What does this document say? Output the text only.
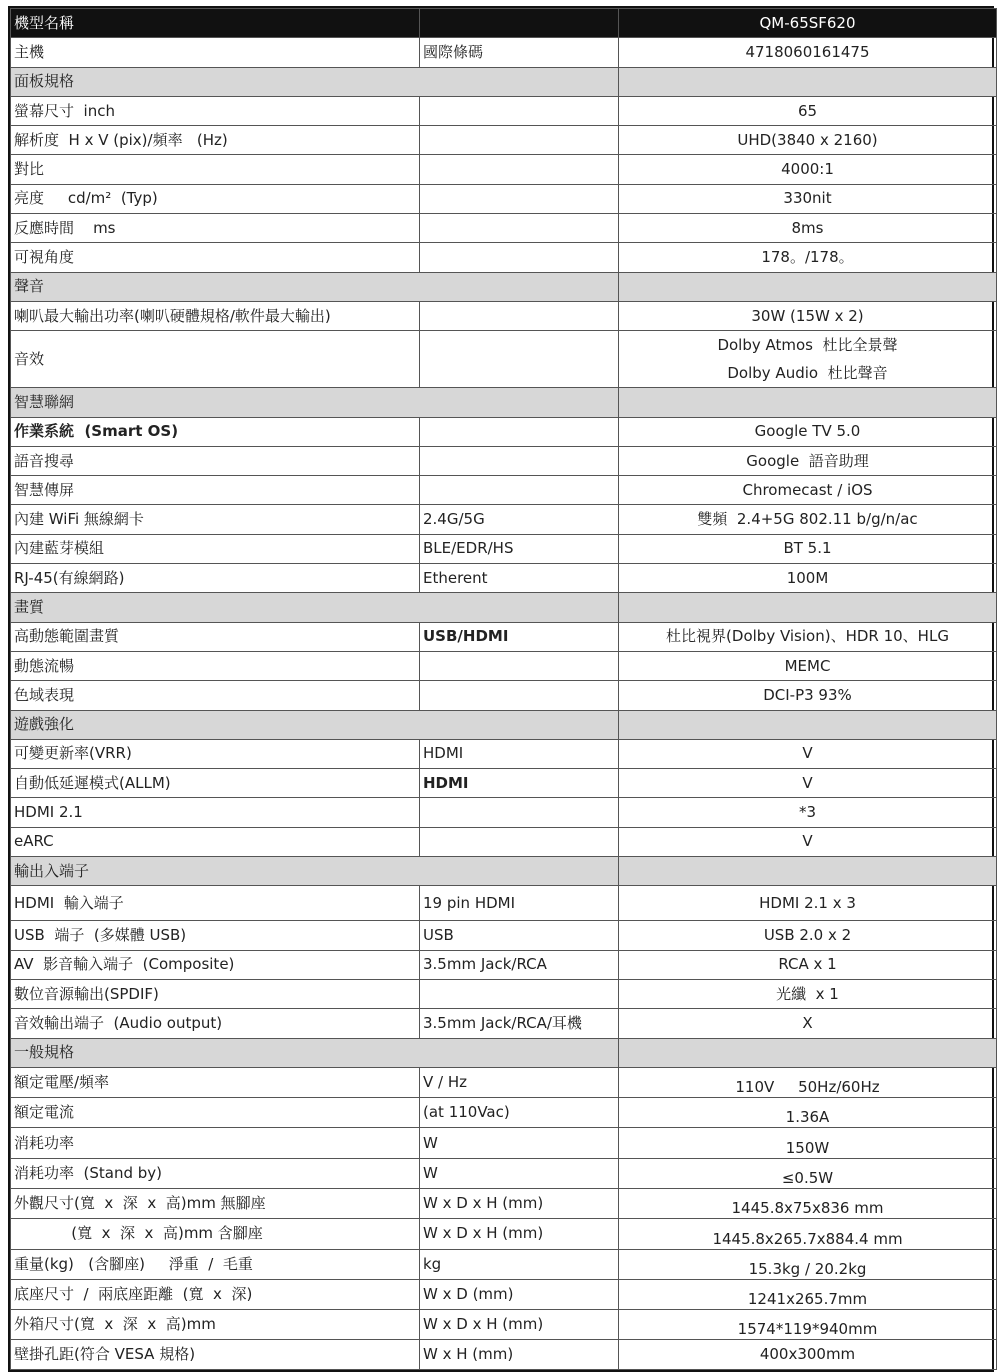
機型名稱		QM-65SF620
主機	國際條碼	4718060161475
面板規格		
螢幕尺寸  inch		65
解析度  H x V (pix)/頻率   (Hz)		UHD(3840 x 2160)
對比		4000:1
亮度     cd/m²  (Typ)		330nit
反應時間    ms		8ms
可視角度		178。/178。
聲音		
喇叭最大輸出功率(喇叭硬體規格/軟件最大輸出)		30W (15W x 2)
音效		Dolby Atmos  杜比全景聲
Dolby Audio  杜比聲音

智慧聯網		
作業系統  (Smart OS)		Google TV 5.0
語音搜尋		Google  語音助理
智慧傳屏		Chromecast / iOS
內建 WiFi 無線網卡	2.4G/5G	雙頻  2.4+5G 802.11 b/g/n/ac
內建藍芽模組	BLE/EDR/HS	BT 5.1
RJ-45(有線網路)	Etherent	100M
畫質		
高動態範圍畫質	USB/HDMI	杜比視界(Dolby Vision)、HDR 10、HLG
動態流暢		MEMC
色域表現		DCI-P3 93%
遊戲強化		
可變更新率(VRR)	HDMI	V
自動低延遲模式(ALLM)	HDMI	V
HDMI 2.1		*3
eARC		V
輸出入端子		
HDMI  輸入端子	19 pin HDMI	HDMI 2.1 x 3
USB  端子  (多媒體 USB)	USB	USB 2.0 x 2
AV  影音輸入端子  (Composite)	3.5mm Jack/RCA	RCA x 1
數位音源輸出(SPDIF)		光纖  x 1
音效輸出端子  (Audio output)	3.5mm Jack/RCA/耳機	X
一般規格		
額定電壓/頻率	V / Hz	110V     50Hz/60Hz
額定電流	(at 110Vac)	1.36A
消耗功率	W	150W
消耗功率  (Stand by)	W	≤0.5W
外觀尺寸(寬  x  深  x  高)mm 無腳座	W x D x H (mm)	1445.8x75x836 mm
(寬  x  深  x  高)mm 含腳座	W x D x H (mm)	1445.8x265.7x884.4 mm
重量(kg)   (含腳座)     淨重  /  毛重	kg	15.3kg / 20.2kg
底座尺寸  /  兩底座距離  (寬  x  深)	W x D (mm)	1241x265.7mm
外箱尺寸(寬  x  深  x  高)mm	W x D x H (mm)	1574*119*940mm
壁掛孔距(符合 VESA 規格)	W x H (mm)	400x300mm
